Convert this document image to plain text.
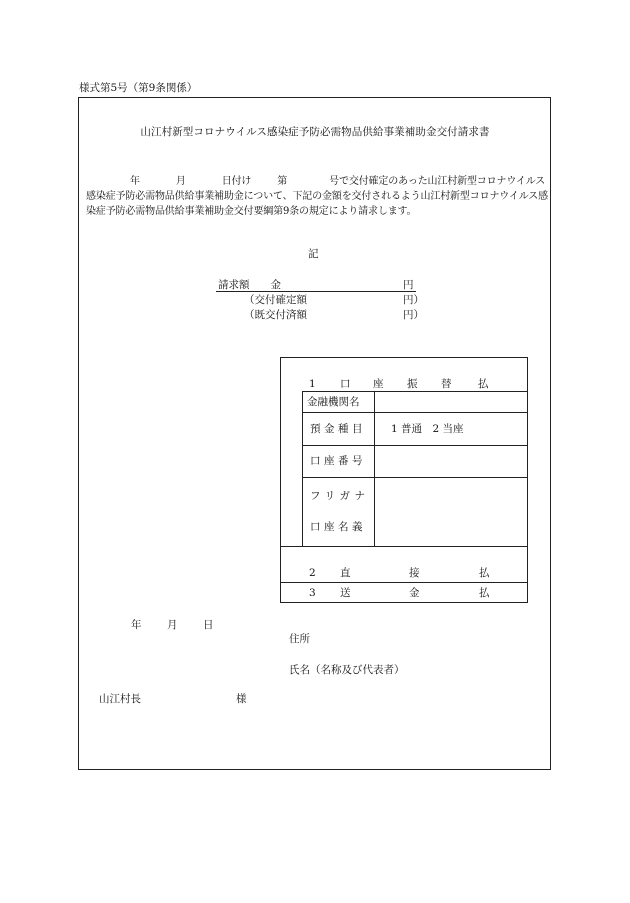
様式第5号（第9条関係）
山江村新型コロナウイルス感染症予防必需物品供給事業補助金交付請求書
年	月	日付け	第	号で交付確定のあった山江村新型コロナウイルス感染症予防必需物品供給事業補助金について、下記の金額を交付されるよう山江村新型コロナウイルス感染症予防必需物品供給事業補助金交付要綱第9条の規定により請求します。
記
請求額　　金	円
（交付確定額	円）
（既交付済額	円）
1 口 座 振 替	払
金融機関名
預金種目 1 普通　2 当座
口座番号
フリガナ
口座名義
2 直	接	払
3 送	金	払
年 月 日
住所
氏名（名称及び代表者）
山江村長	様
